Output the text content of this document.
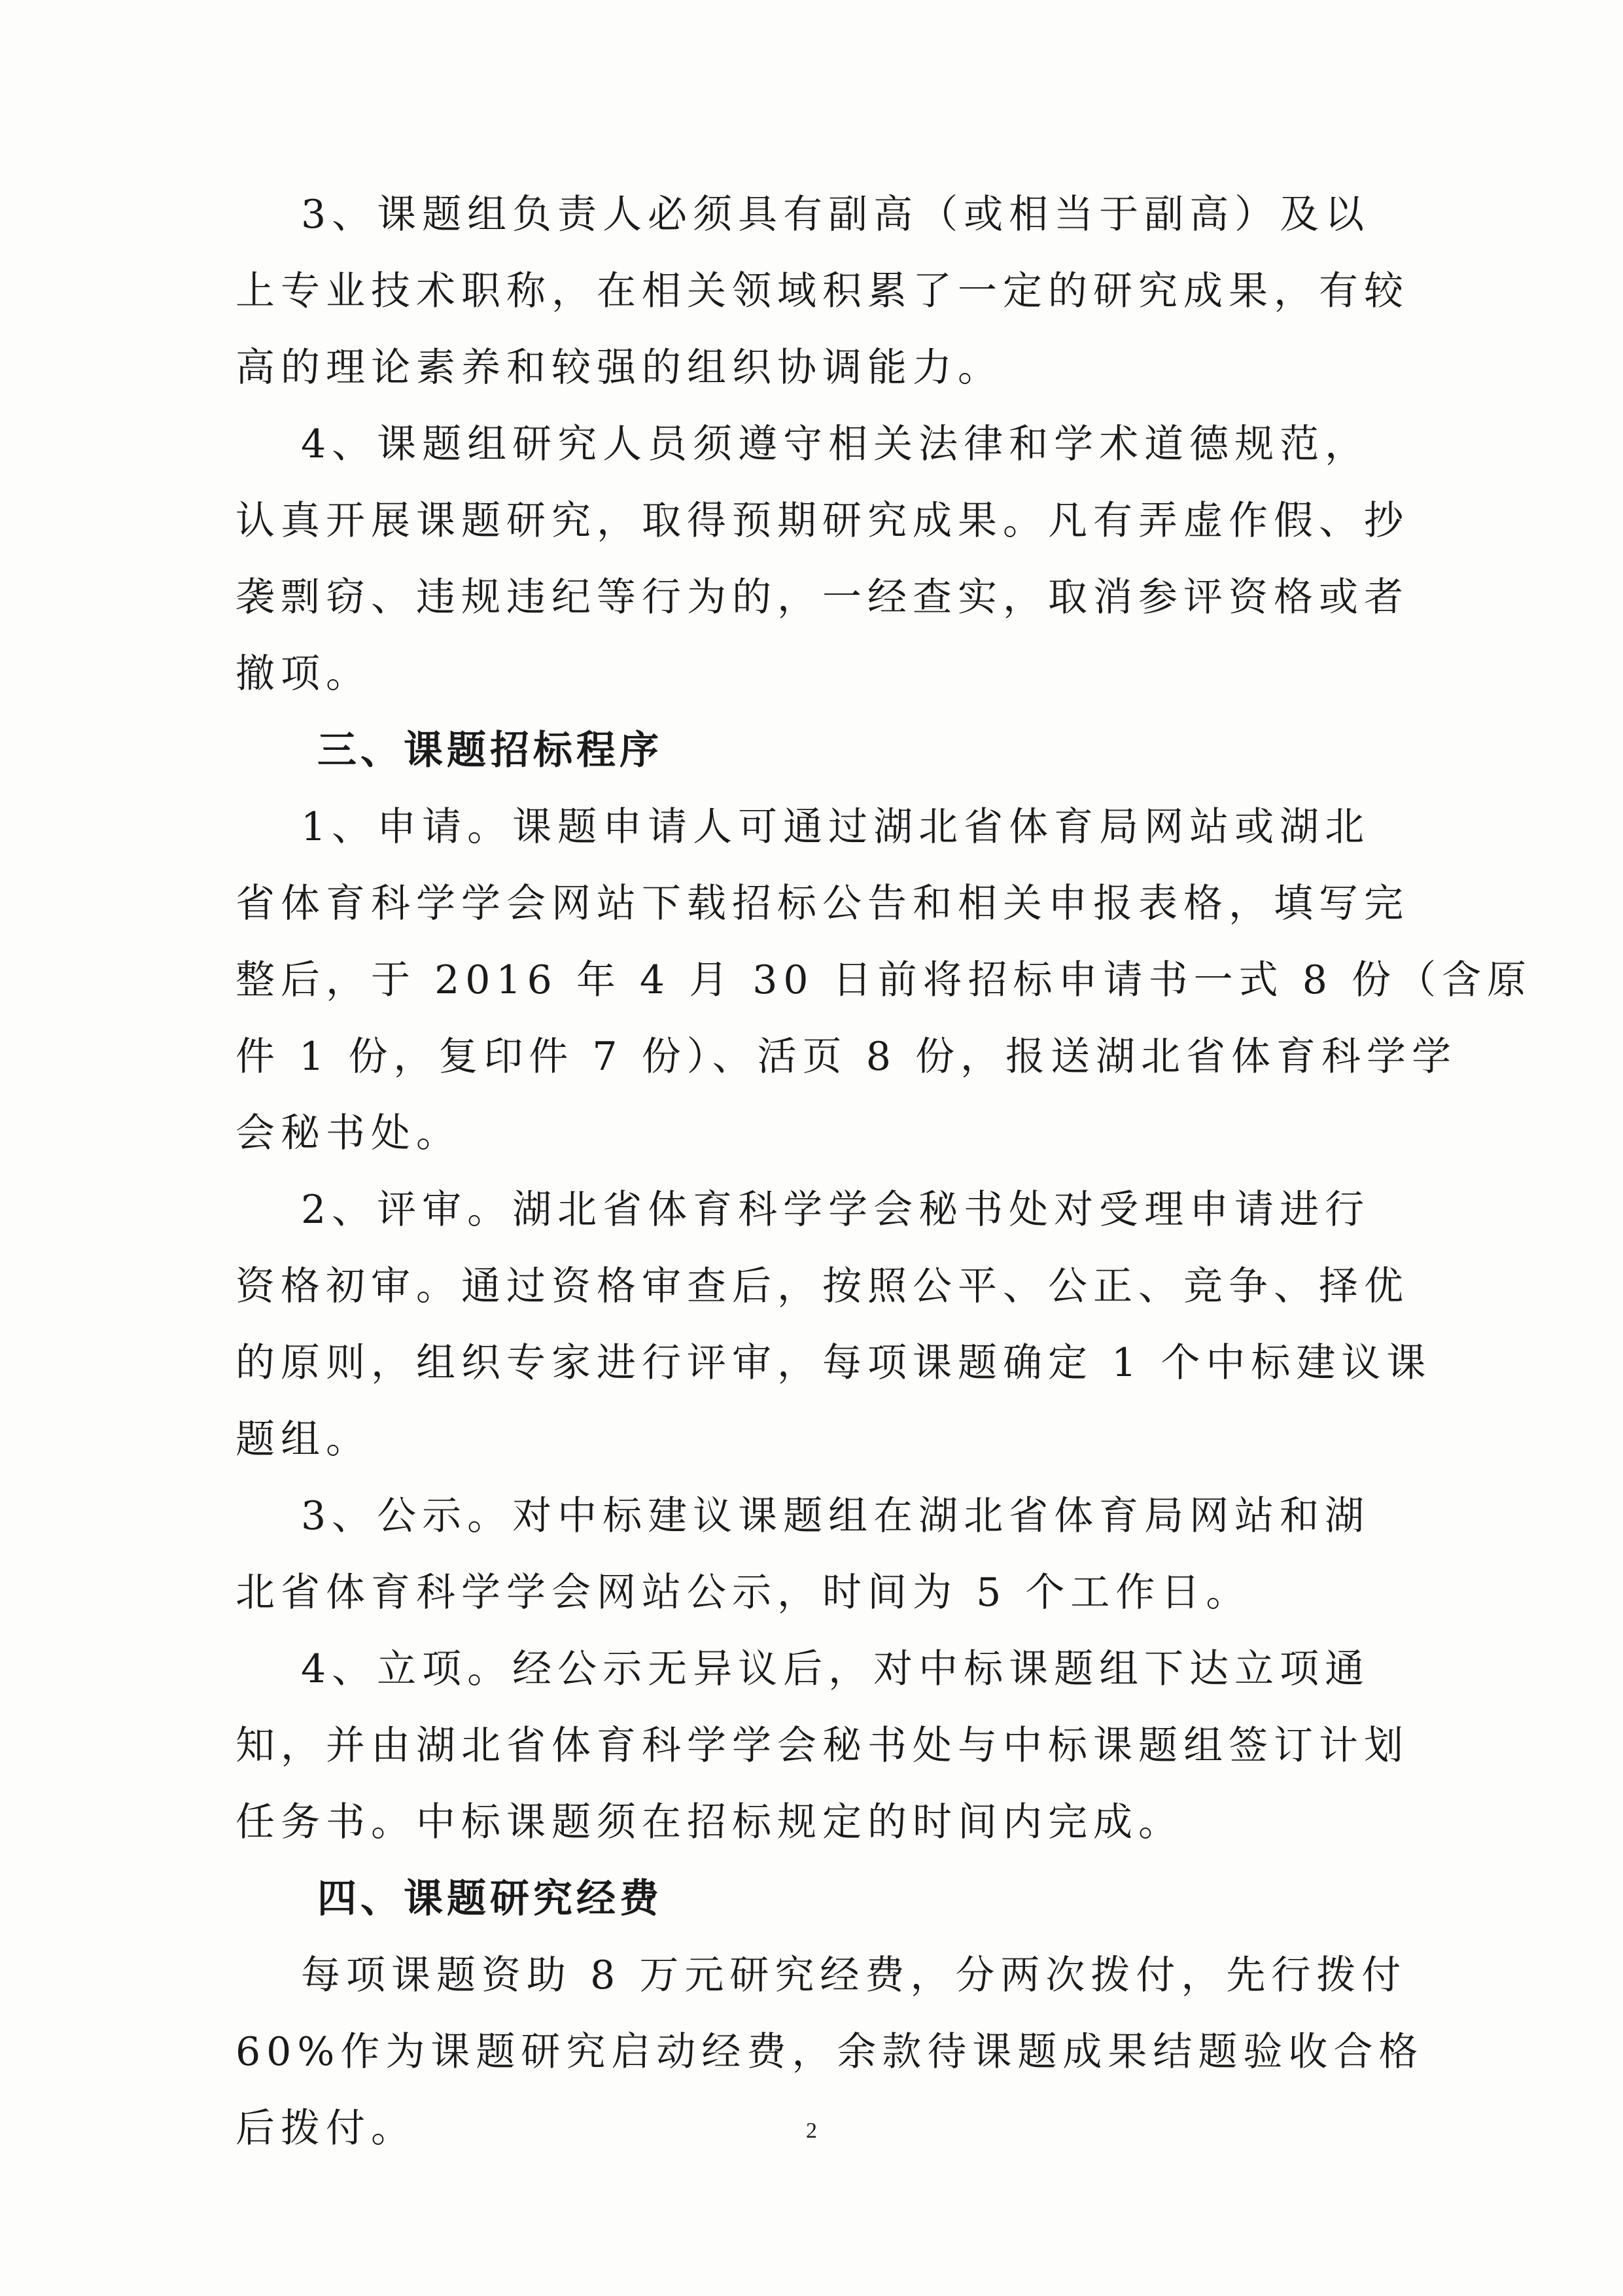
3、课题组负责人必须具有副高（或相当于副高）及以
上专业技术职称，在相关领域积累了一定的研究成果，有较
高的理论素养和较强的组织协调能力。
4、课题组研究人员须遵守相关法律和学术道德规范，
认真开展课题研究，取得预期研究成果。凡有弄虚作假、抄
袭剽窃、违规违纪等行为的，一经查实，取消参评资格或者
撤项。
三、课题招标程序
1、申请。课题申请人可通过湖北省体育局网站或湖北
省体育科学学会网站下载招标公告和相关申报表格，填写完
整后，于 2016 年 4 月 30 日前将招标申请书一式 8 份（含原
件 1 份，复印件 7 份）、活页 8 份，报送湖北省体育科学学
会秘书处。
2、评审。湖北省体育科学学会秘书处对受理申请进行
资格初审。通过资格审查后，按照公平、公正、竞争、择优
的原则，组织专家进行评审，每项课题确定 1 个中标建议课
题组。
3、公示。对中标建议课题组在湖北省体育局网站和湖
北省体育科学学会网站公示，时间为 5 个工作日。
4、立项。经公示无异议后，对中标课题组下达立项通
知，并由湖北省体育科学学会秘书处与中标课题组签订计划
任务书。中标课题须在招标规定的时间内完成。
四、课题研究经费
每项课题资助 8 万元研究经费，分两次拨付，先行拨付
60%作为课题研究启动经费，余款待课题成果结题验收合格
后拨付。	2
